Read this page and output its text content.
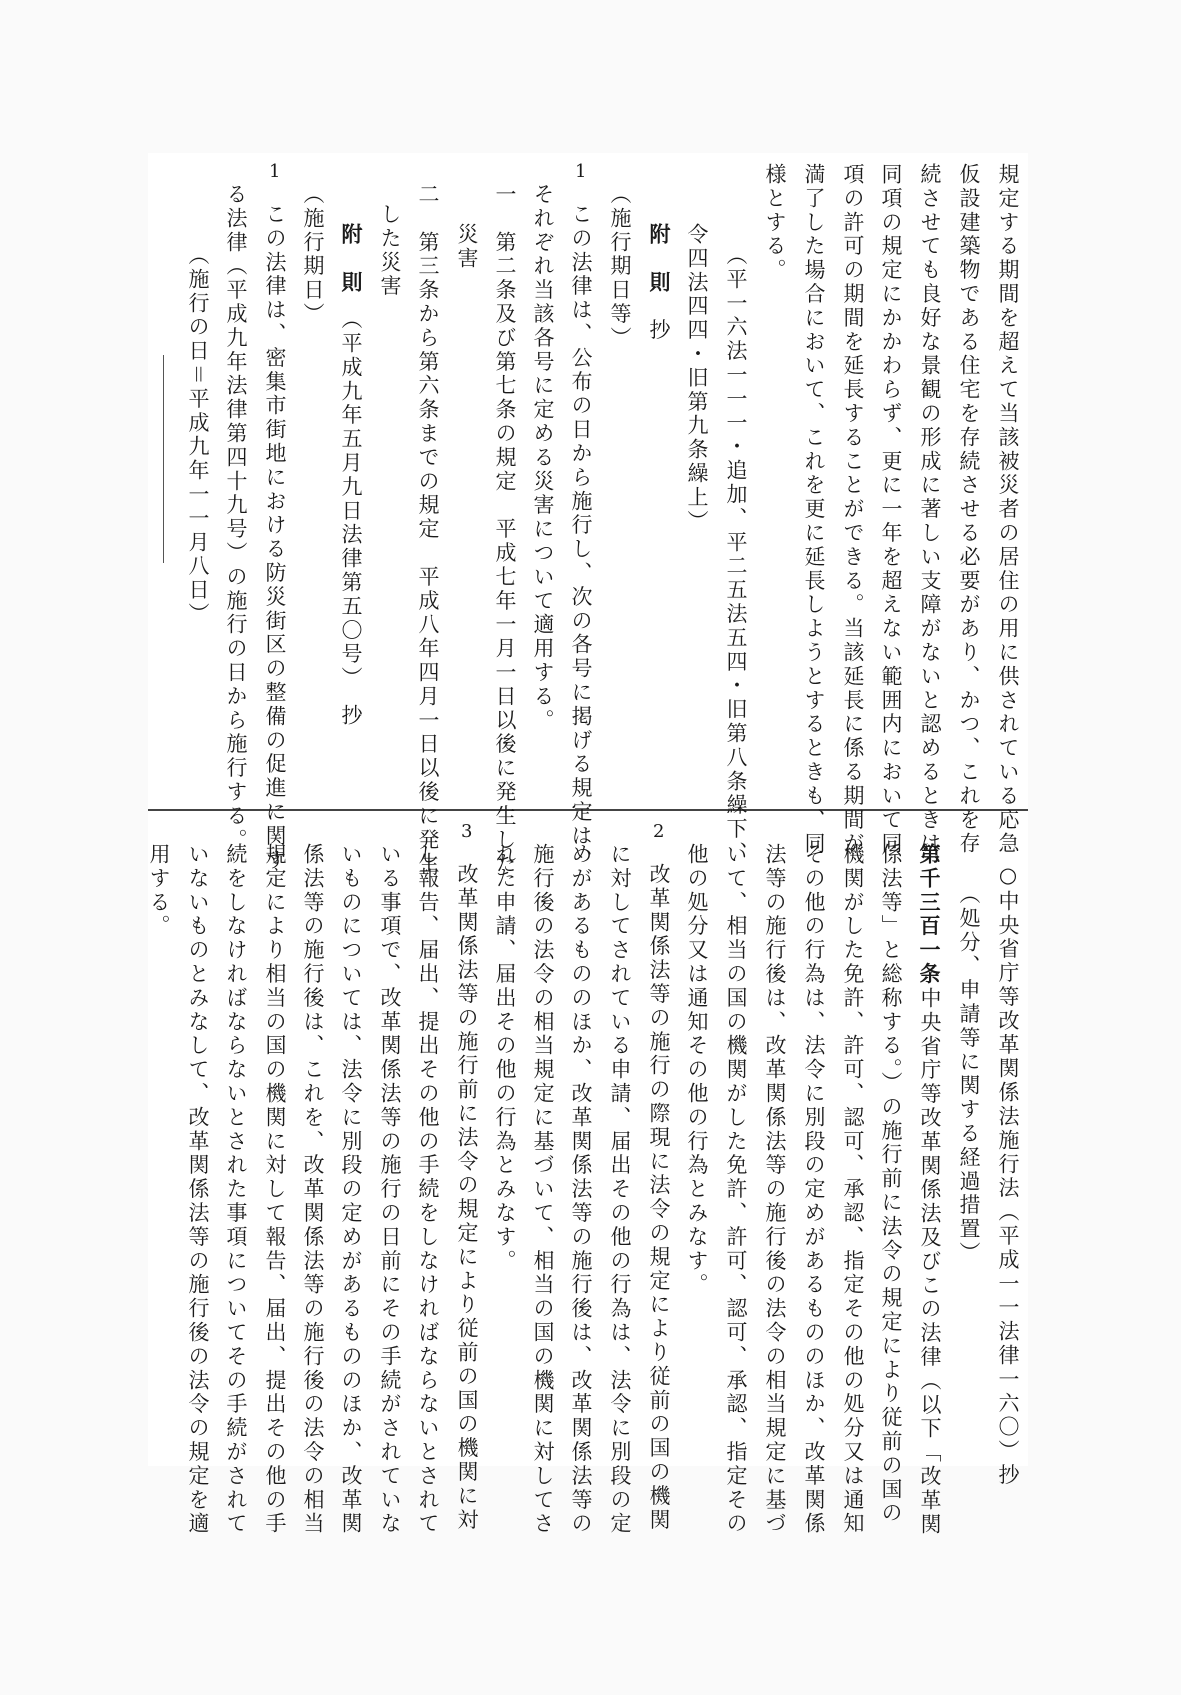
附　則　抄
附　則　（平成九年五月九日法律第五〇号）　抄
○中央省庁等改革関係法施行法（平成一一法律一六〇）抄
（処分、申請等に関する経過措置）
第千三百一条
規定する期間を超えて当該被災者の居住の用に供されている応急
仮設建築物である住宅を存続させる必要があり、かつ、これを存
続させても良好な景観の形成に著しい支障がないと認めるときは、
同項の規定にかかわらず、更に一年を超えない範囲内において同
項の許可の期間を延長することができる。当該延長に係る期間が
満了した場合において、これを更に延長しようとするときも、同
様とする。
（平一六法一一一・追加、平二五法五四・旧第八条繰下、
令四法四四・旧第九条繰上）
（施行期日等）
この法律は、公布の日から施行し、次の各号に掲げる規定は、
1
それぞれ当該各号に定める災害について適用する。
一　第二条及び第七条の規定　平成七年一月一日以後に発生した
災害
二　第三条から第六条までの規定　平成八年四月一日以後に発生
した災害
（施行期日）
この法律は、密集市街地における防災街区の整備の促進に関す
1
る法律（平成九年法律第四十九号）の施行の日から施行する。
（施行の日＝平成九年一一月八日）
中央省庁等改革関係法及びこの法律（以下「改革関
係法等」と総称する。）の施行前に法令の規定により従前の国の
機関がした免許、許可、認可、承認、指定その他の処分又は通知
その他の行為は、法令に別段の定めがあるもののほか、改革関係
法等の施行後は、改革関係法等の施行後の法令の相当規定に基づ
いて、相当の国の機関がした免許、許可、認可、承認、指定その
他の処分又は通知その他の行為とみなす。
改革関係法等の施行の際現に法令の規定により従前の国の機関
2
に対してされている申請、届出その他の行為は、法令に別段の定
めがあるもののほか、改革関係法等の施行後は、改革関係法等の
施行後の法令の相当規定に基づいて、相当の国の機関に対してさ
れた申請、届出その他の行為とみなす。
改革関係法等の施行前に法令の規定により従前の国の機関に対
3
し報告、届出、提出その他の手続をしなければならないとされて
いる事項で、改革関係法等の施行の日前にその手続がされていな
いものについては、法令に別段の定めがあるもののほか、改革関
係法等の施行後は、これを、改革関係法等の施行後の法令の相当
規定により相当の国の機関に対して報告、届出、提出その他の手
続をしなければならないとされた事項についてその手続がされて
いないものとみなして、改革関係法等の施行後の法令の規定を適
用する。
